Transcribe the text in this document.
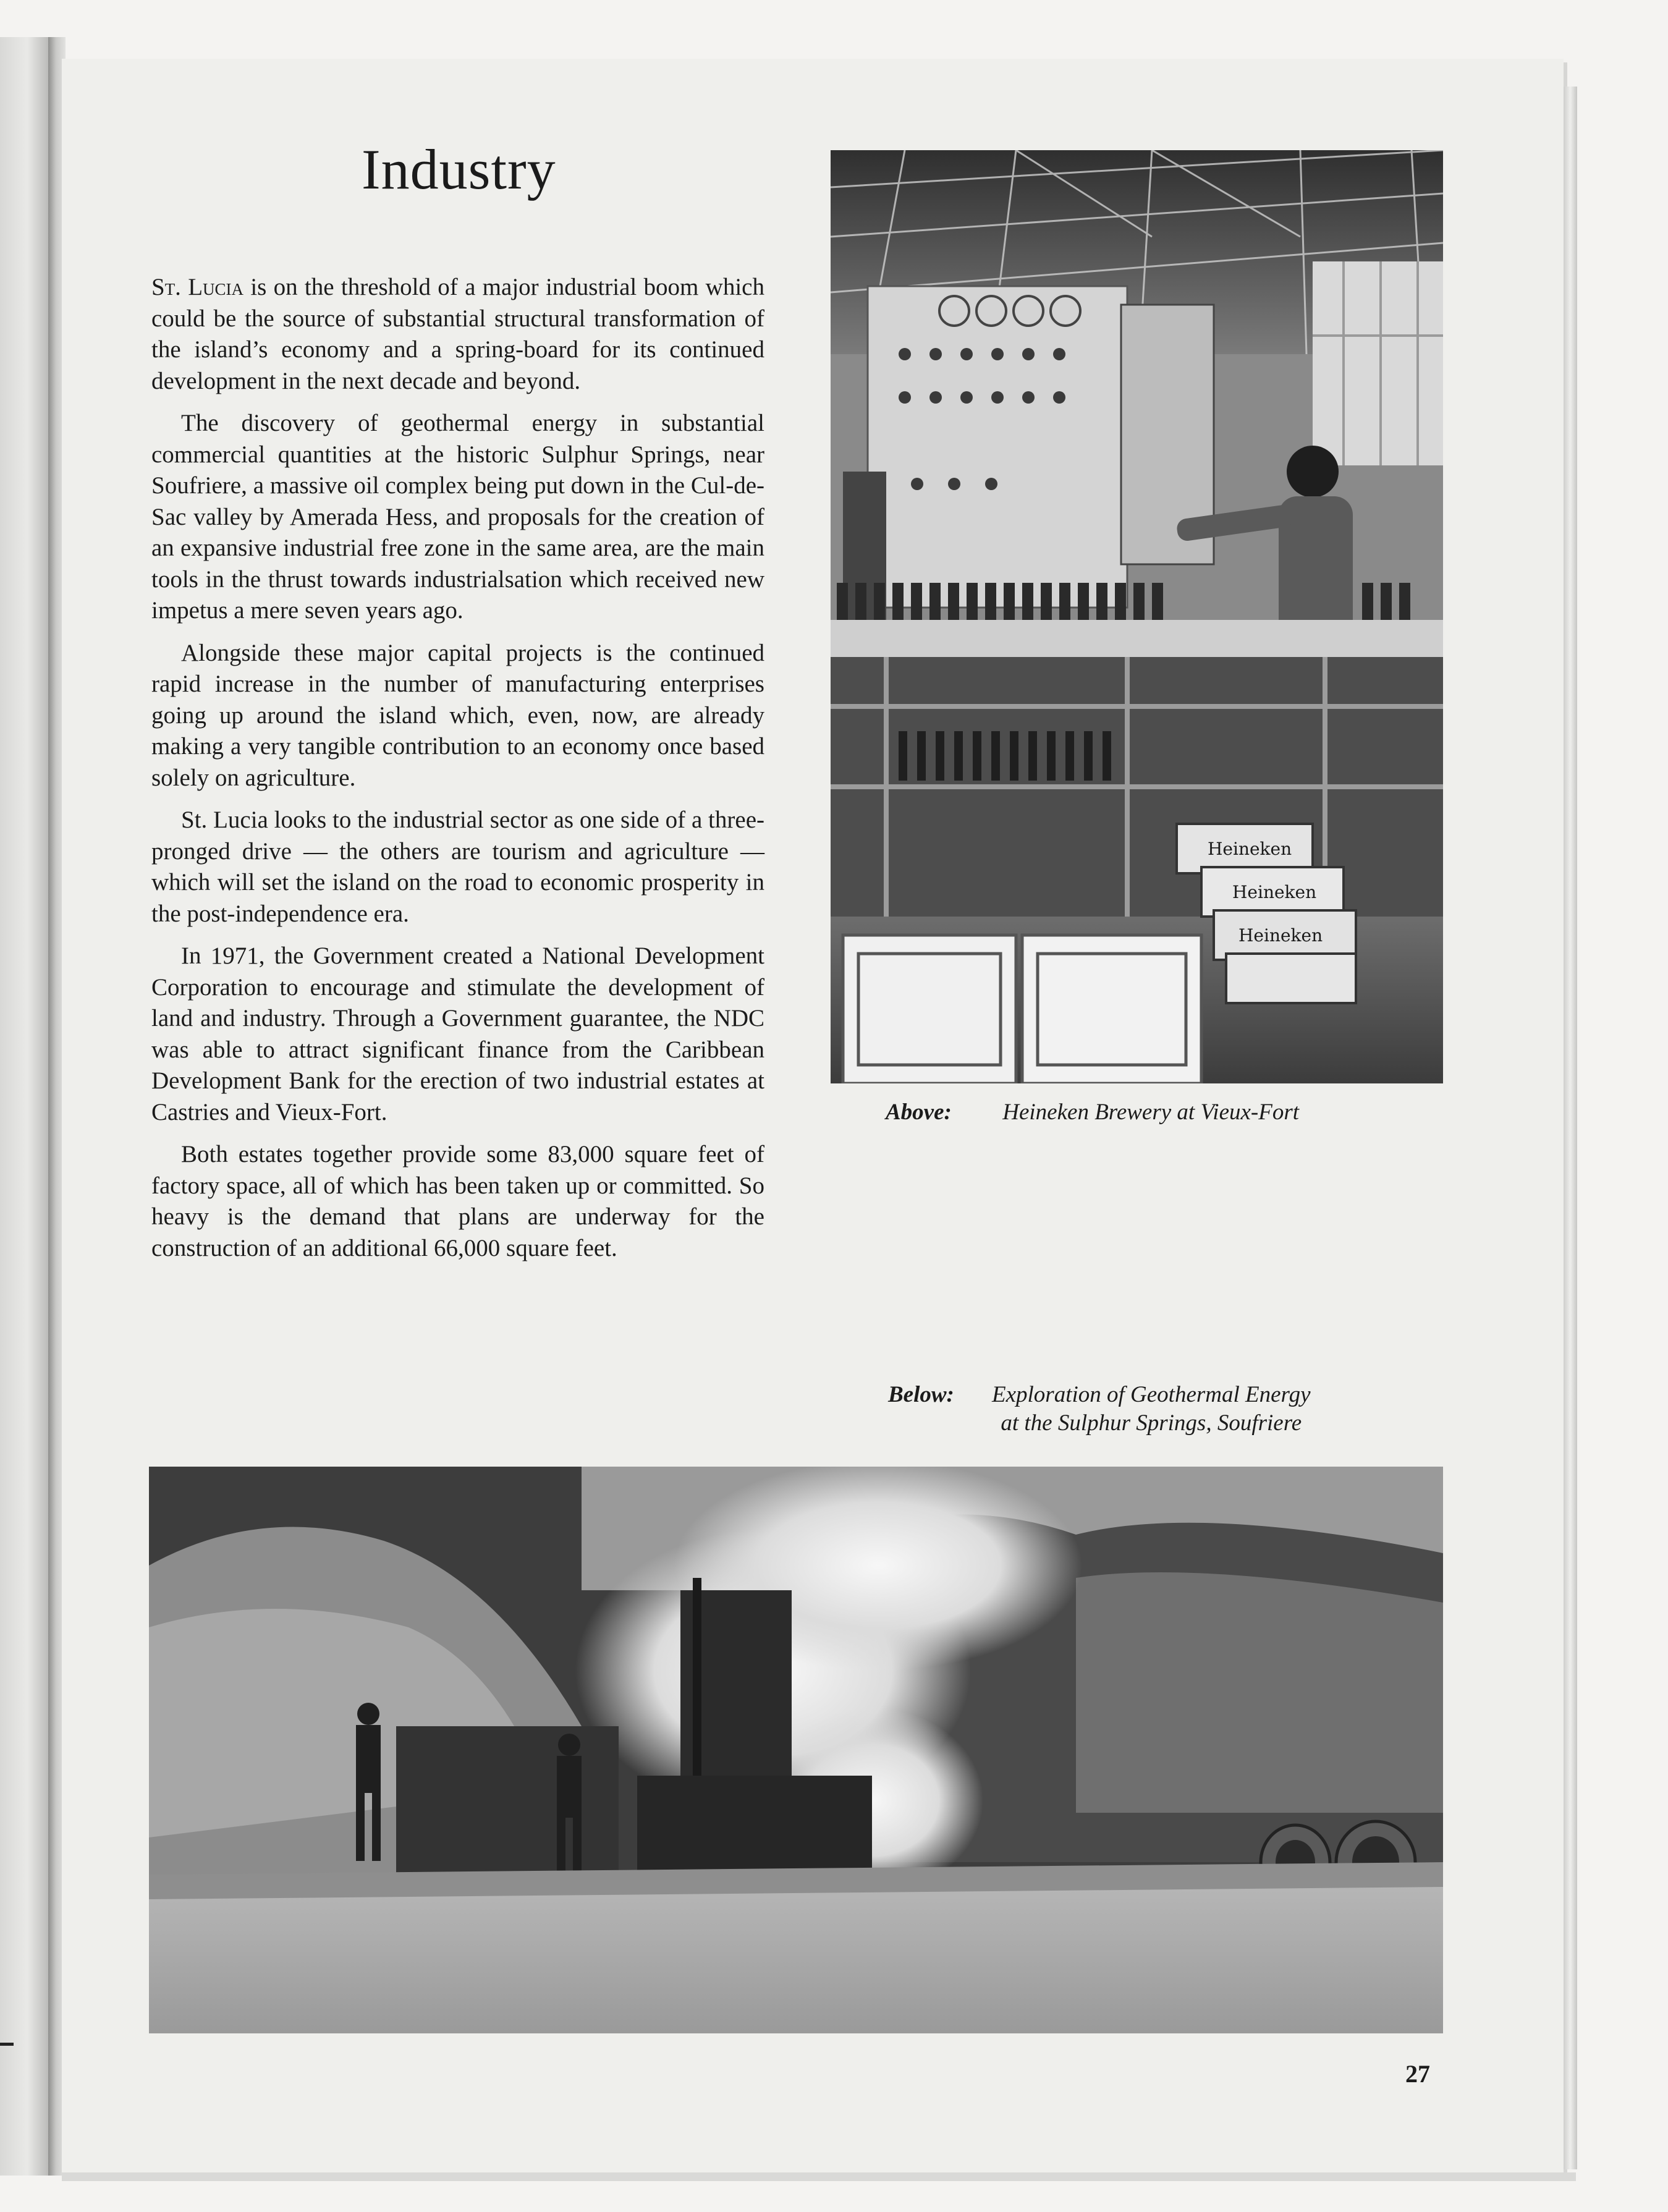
Industry

St. Lucia is on the threshold of a major industrial boom which could be the source of substantial structural transformation of the island’s economy and a spring-board for its continued development in the next decade and beyond.

The discovery of geothermal energy in substantial commercial quantities at the historic Sulphur Springs, near Soufriere, a massive oil complex being put down in the Cul-de-Sac valley by Amerada Hess, and proposals for the creation of an expansive industrial free zone in the same area, are the main tools in the thrust towards industrialsation which received new impetus a mere seven years ago.

Alongside these major capital projects is the continued rapid increase in the number of manufacturing enterprises going up around the island which, even, now, are already making a very tangible contribution to an economy once based solely on agriculture.

St. Lucia looks to the industrial sector as one side of a three-pronged drive — the others are tourism and agriculture — which will set the island on the road to economic prosperity in the post-independence era.

In 1971, the Government created a National Development Corporation to encourage and stimulate the development of land and industry. Through a Government guarantee, the NDC was able to attract significant finance from the Caribbean Development Bank for the erection of two industrial estates at Castries and Vieux-Fort.

Both estates together provide some 83,000 square feet of factory space, all of which has been taken up or committed. So heavy is the demand that plans are underway for the construction of an additional 66,000 square feet.

Heineken
Heineken
Heineken
Above: Heineken Brewery at Vieux-Fort
Below: Exploration of Geothermal Energy
at the Sulphur Springs, Soufriere
27
